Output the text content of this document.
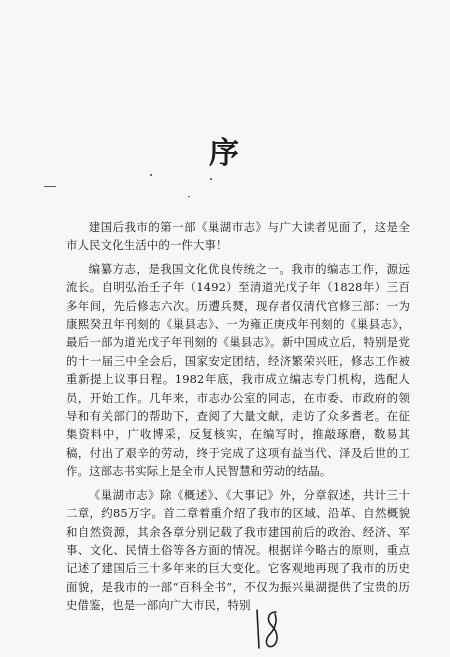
序

建国后我市的第一部《巢湖市志》与广大读者见面了，这是全市人民文化生活中的一件大事！

编纂方志，是我国文化优良传统之一。我市的编志工作，源远流长。自明弘治壬子年（1492）至清道光戊子年（1828年）三百多年间，先后修志六次。历遭兵燹，现存者仅清代官修三部：一为康熙癸丑年刊刻的《巢县志》、一为雍正庚戌年刊刻的《巢县志》，最后一部为道光戊子年刊刻的《巢县志》。新中国成立后，特别是党的十一届三中全会后，国家安定团结，经济繁荣兴旺，修志工作被重新提上议事日程。1982年底，我市成立编志专门机构，选配人员，开始工作。几年来，市志办公室的同志，在市委、市政府的领导和有关部门的帮助下，查阅了大量文献，走访了众多耆老。在征集资料中，广收博采，反复核实，在编写时，推敲琢磨，数易其稿，付出了艰辛的劳动，终于完成了这项有益当代、泽及后世的工作。这部志书实际上是全市人民智慧和劳动的结晶。

《巢湖市志》除《概述》、《大事记》外，分章叙述，共计三十二章，约85万字。首二章着重介绍了我市的区域、沿革、自然概貌和自然资源，其余各章分别记载了我市建国前后的政治、经济、军事、文化、民情土俗等各方面的情况。根据详今略古的原则，重点记述了建国后三十多年来的巨大变化。它客观地再现了我市的历史面貌，是我市的一部“百科全书”，不仅为振兴巢湖提供了宝贵的历史借鉴，也是一部向广大市民，特别
